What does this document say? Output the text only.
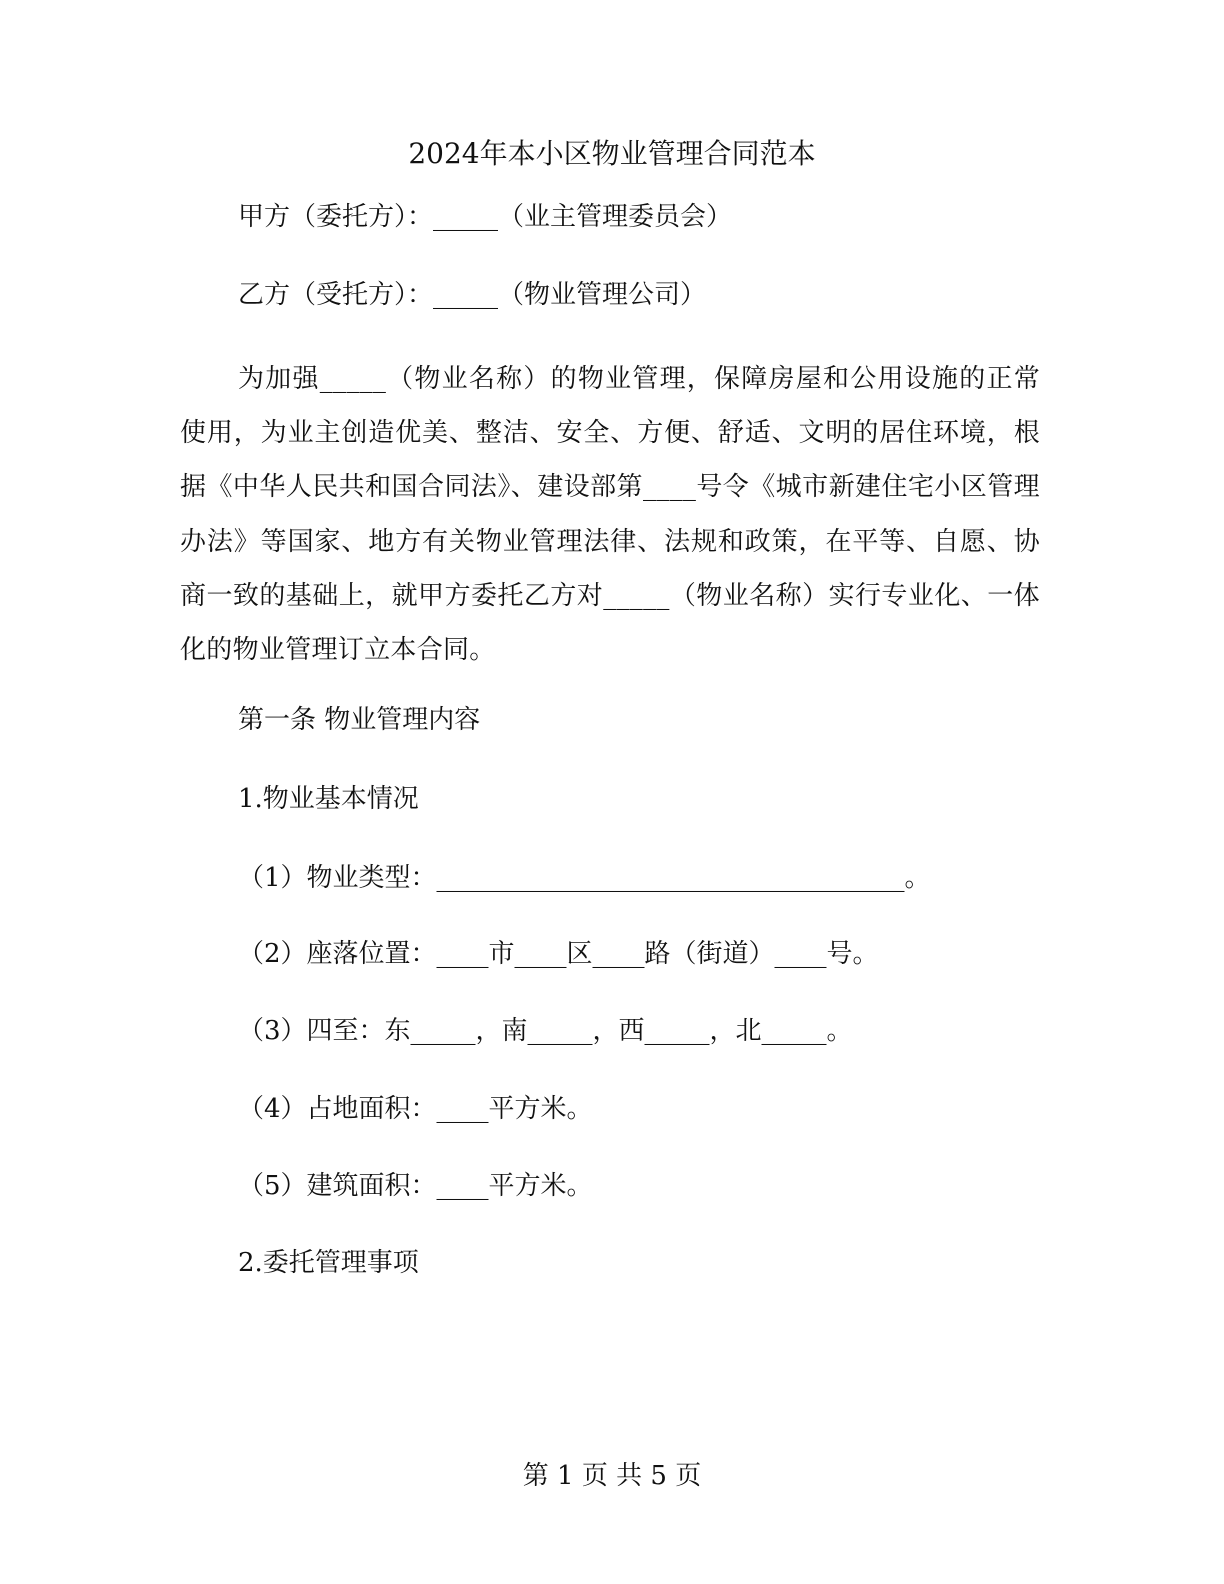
2024年本小区物业管理合同范本
甲方（委托方）：_____（业主管理委员会）
乙方（受托方）：_____（物业管理公司）
为加强_____（物业名称）的物业管理，保障房屋和公用设施的正常使用，为业主创造优美、整洁、安全、方便、舒适、文明的居住环境，根据《中华人民共和国合同法》、建设部第____号令《城市新建住宅小区管理办法》等国家、地方有关物业管理法律、法规和政策，在平等、自愿、协商一致的基础上，就甲方委托乙方对_____（物业名称）实行专业化、一体化的物业管理订立本合同。
第一条 物业管理内容
1.物业基本情况
（1）物业类型：____________________________________。
（2）座落位置：____市____区____路（街道）____号。
（3）四至：东_____，南_____，西_____，北_____。
（4）占地面积：____平方米。
（5）建筑面积：____平方米。
2.委托管理事项
第 1 页 共 5 页
